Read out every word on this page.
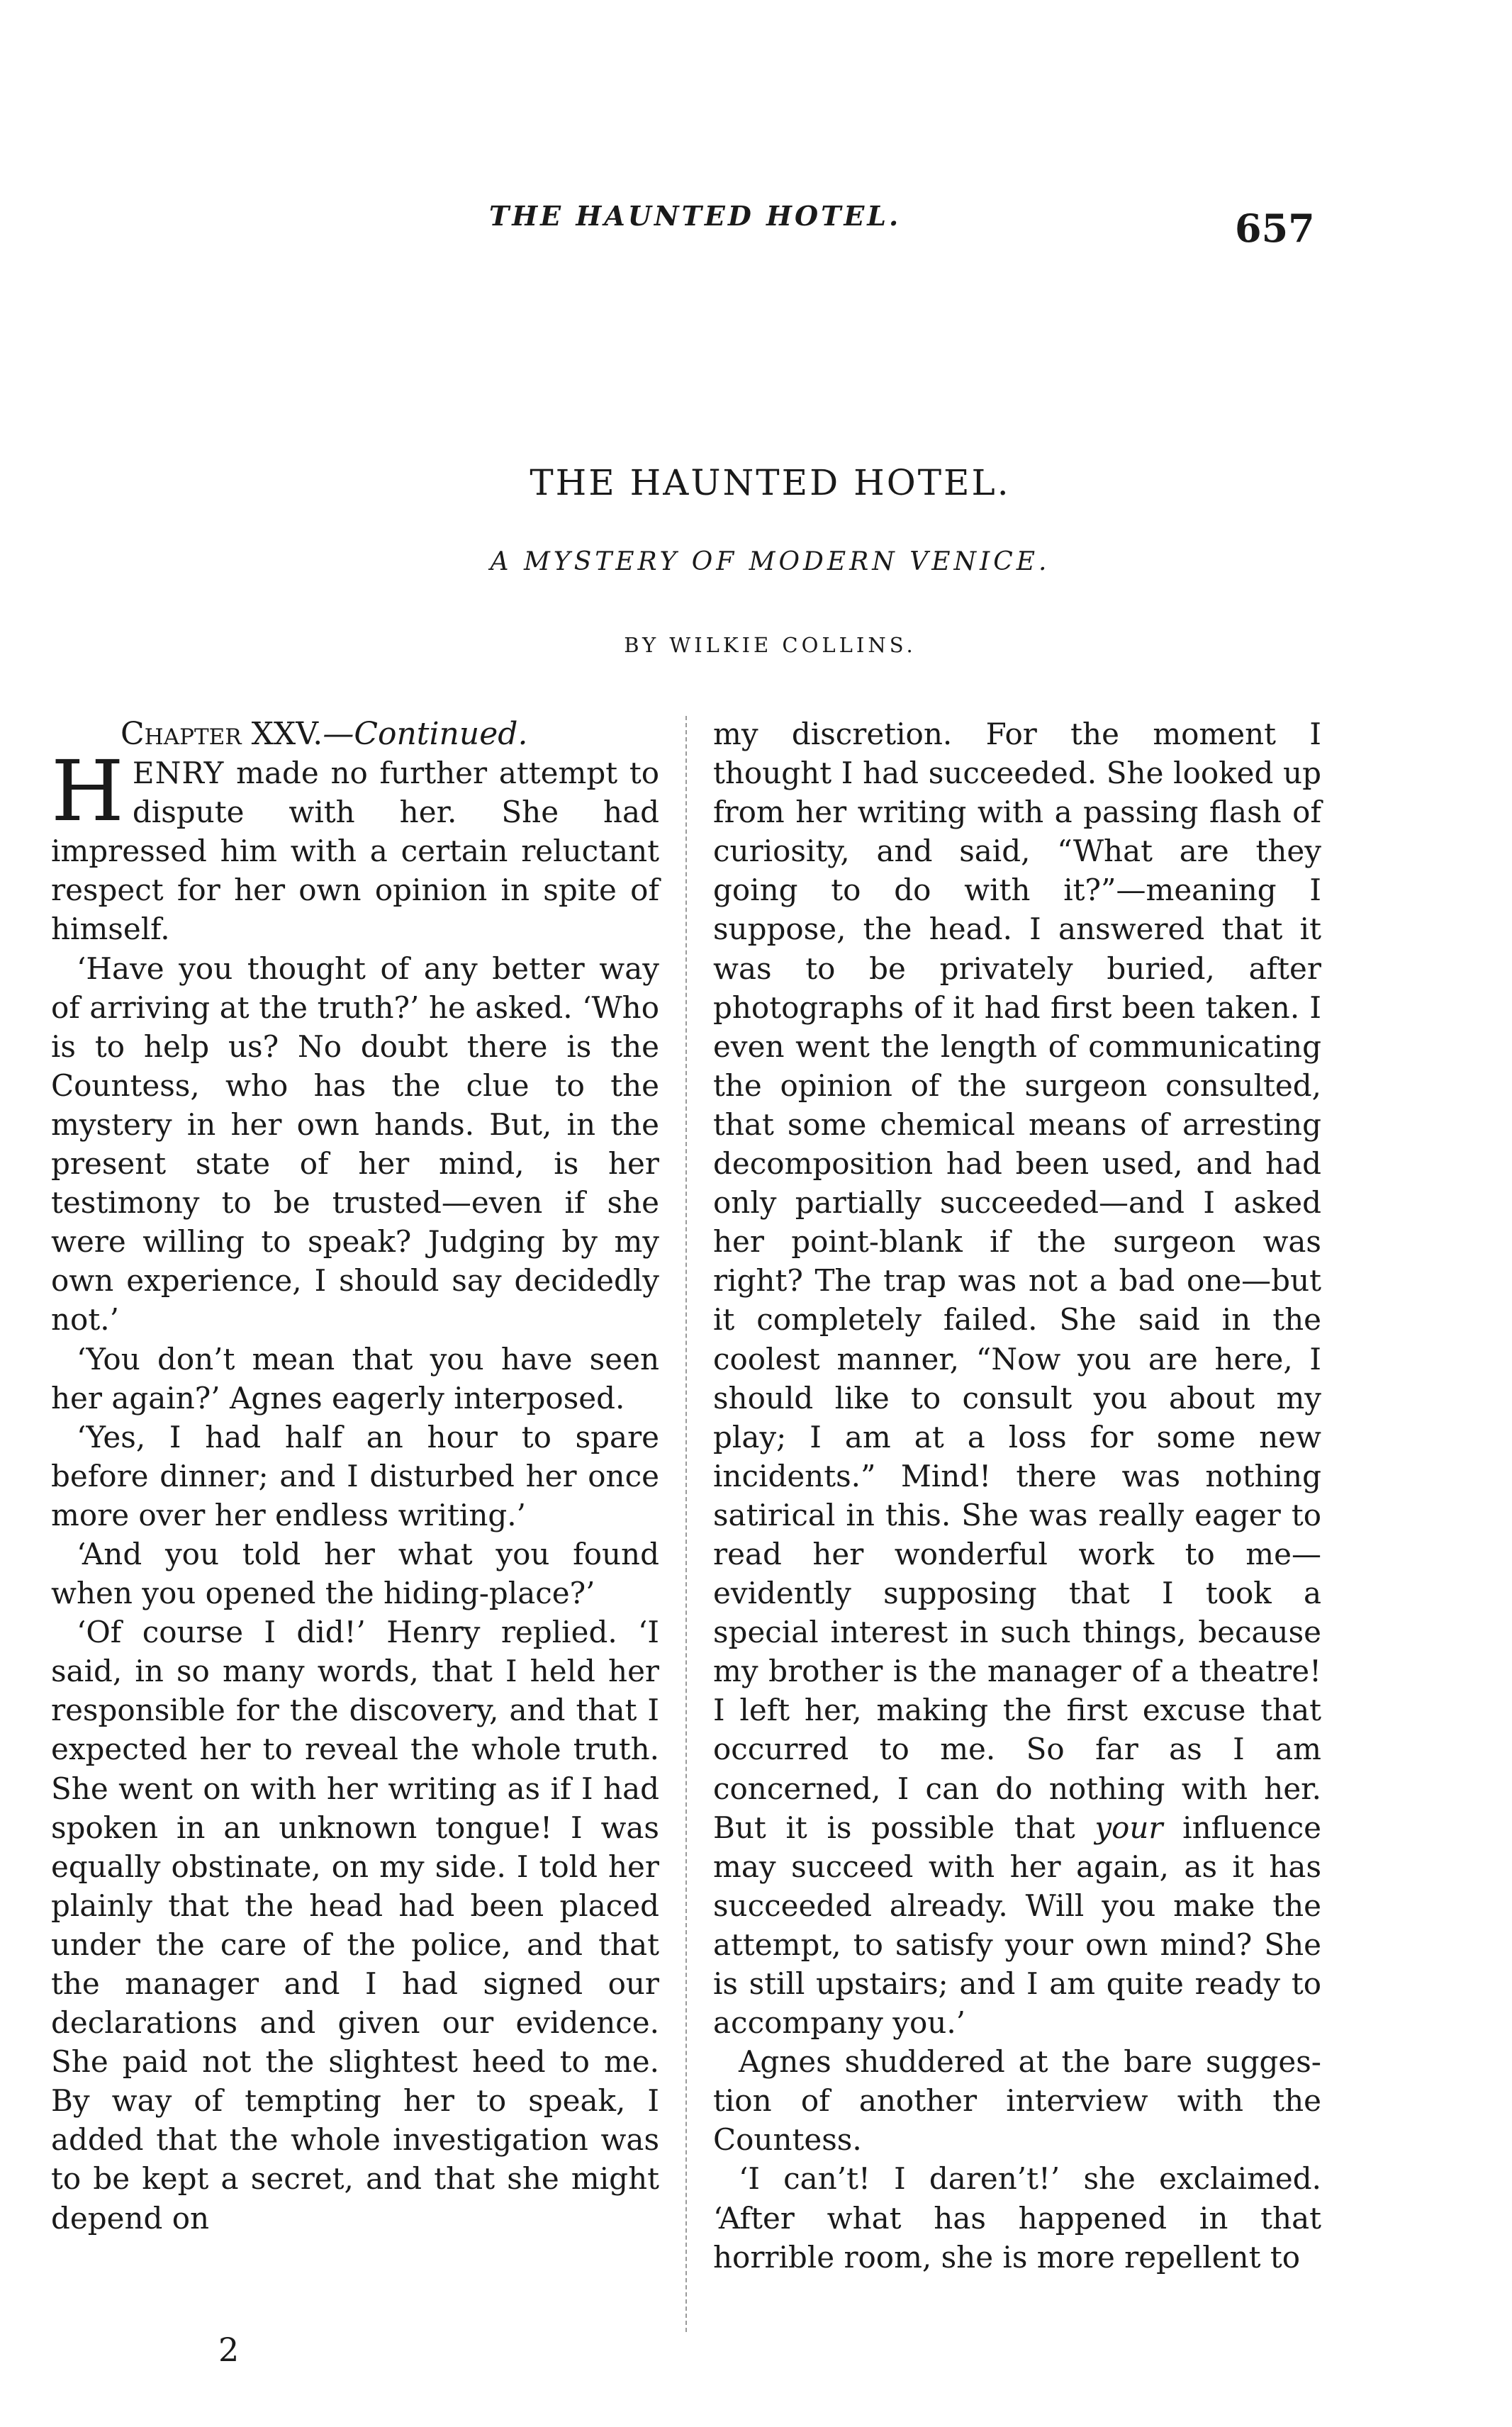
THE HAUNTED HOTEL.	657
THE HAUNTED HOTEL.
A MYSTERY OF MODERN VENICE.
BY WILKIE COLLINS.
Chapter XXV.—Continued.

HENRY made no further attempt to dispute with her. She had impressed him with a certain reluctant respect for her own opinion in spite of himself.

‘Have you thought of any better way of arriving at the truth?’ he asked. ‘Who is to help us? No doubt there is the Countess, who has the clue to the mystery in her own hands. But, in the present state of her mind, is her testimony to be trusted—even if she were willing to speak? Judging by my own experience, I should say decidedly not.’

‘You don’t mean that you have seen her again?’ Agnes eagerly interposed.

‘Yes, I had half an hour to spare before dinner; and I disturbed her once more over her endless writing.’

‘And you told her what you found when you opened the hiding-place?’

‘Of course I did!’ Henry replied. ‘I said, in so many words, that I held her responsible for the discovery, and that I expected her to reveal the whole truth. She went on with her writing as if I had spoken in an unknown tongue! I was equally obstinate, on my side. I told her plainly that the head had been placed under the care of the police, and that the manager and I had signed our declarations and given our evidence. She paid not the slightest heed to me. By way of tempting her to speak, I added that the whole investigation was to be kept a secret, and that she might depend on

my discretion. For the moment I thought I had succeeded. She looked up from her writing with a passing flash of curiosity, and said, “What are they going to do with it?”—meaning I suppose, the head. I answered that it was to be privately buried, after photographs of it had first been taken. I even went the length of communicating the opinion of the surgeon consulted, that some chemical means of arresting decomposition had been used, and had only partially succeeded—and I asked her point-blank if the surgeon was right? The trap was not a bad one—but it completely failed. She said in the coolest manner, “Now you are here, I should like to consult you about my play; I am at a loss for some new incidents.” Mind! there was nothing satirical in this. She was really eager to read her wonderful work to me—evidently supposing that I took a special interest in such things, because my brother is the manager of a theatre! I left her, making the first excuse that occurred to me. So far as I am concerned, I can do nothing with her. But it is possible that your influence may succeed with her again, as it has succeeded already. Will you make the attempt, to satisfy your own mind? She is still upstairs; and I am quite ready to accompany you.’

Agnes shuddered at the bare suggestion of another interview with the Countess.

‘I can’t! I daren’t!’ she exclaimed. ‘After what has happened in that horrible room, she is more repellent to

2
